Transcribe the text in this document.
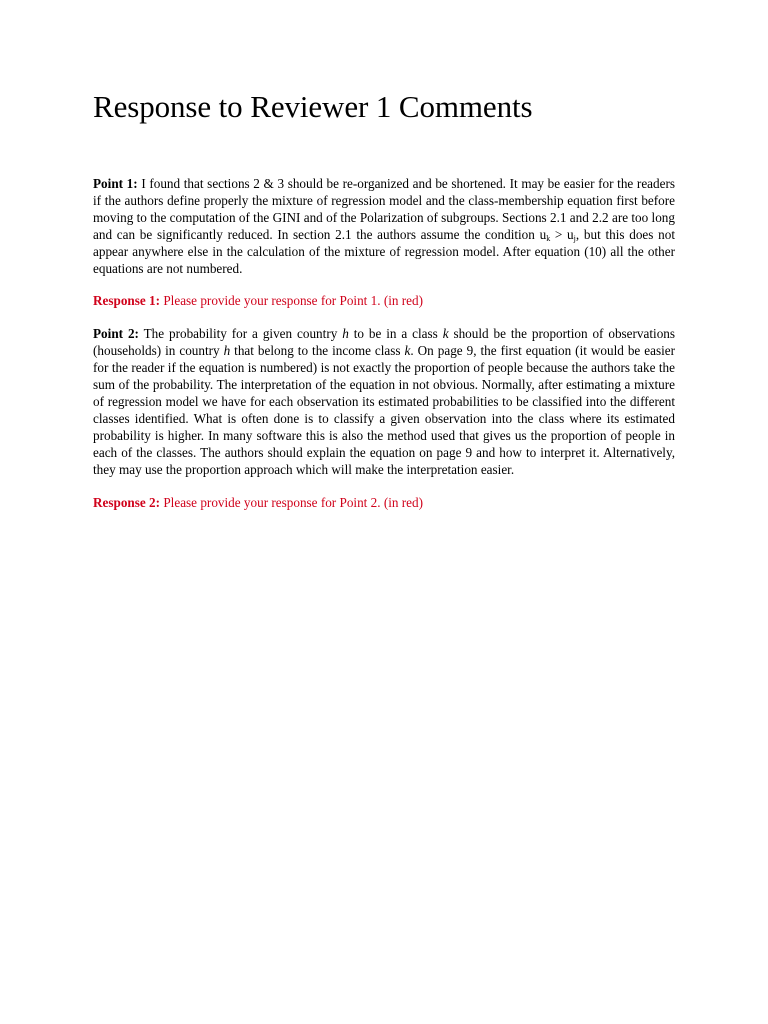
Response to Reviewer 1 Comments

Point 1: I found that sections 2 & 3 should be re-organized and be shortened. It may be easier for the readers if the authors define properly the mixture of regression model and the class-membership equation first before moving to the computation of the GINI and of the Polarization of subgroups. Sections 2.1 and 2.2 are too long and can be significantly reduced. In section 2.1 the authors assume the condition $u_k > u_j$, but this does not appear anywhere else in the calculation of the mixture of regression model. After equation (10) all the other equations are not numbered.

Response 1: Please provide your response for Point 1. (in red)

Point 2: The probability for a given country h to be in a class k should be the proportion of observations (households) in country h that belong to the income class k. On page 9, the first equation (it would be easier for the reader if the equation is numbered) is not exactly the proportion of people because the authors take the sum of the probability. The interpretation of the equation in not obvious. Normally, after estimating a mixture of regression model we have for each observation its estimated probabilities to be classified into the different classes identified. What is often done is to classify a given observation into the class where its estimated probability is higher. In many software this is also the method used that gives us the proportion of people in each of the classes. The authors should explain the equation on page 9 and how to interpret it. Alternatively, they may use the proportion approach which will make the interpretation easier.

Response 2: Please provide your response for Point 2. (in red)
